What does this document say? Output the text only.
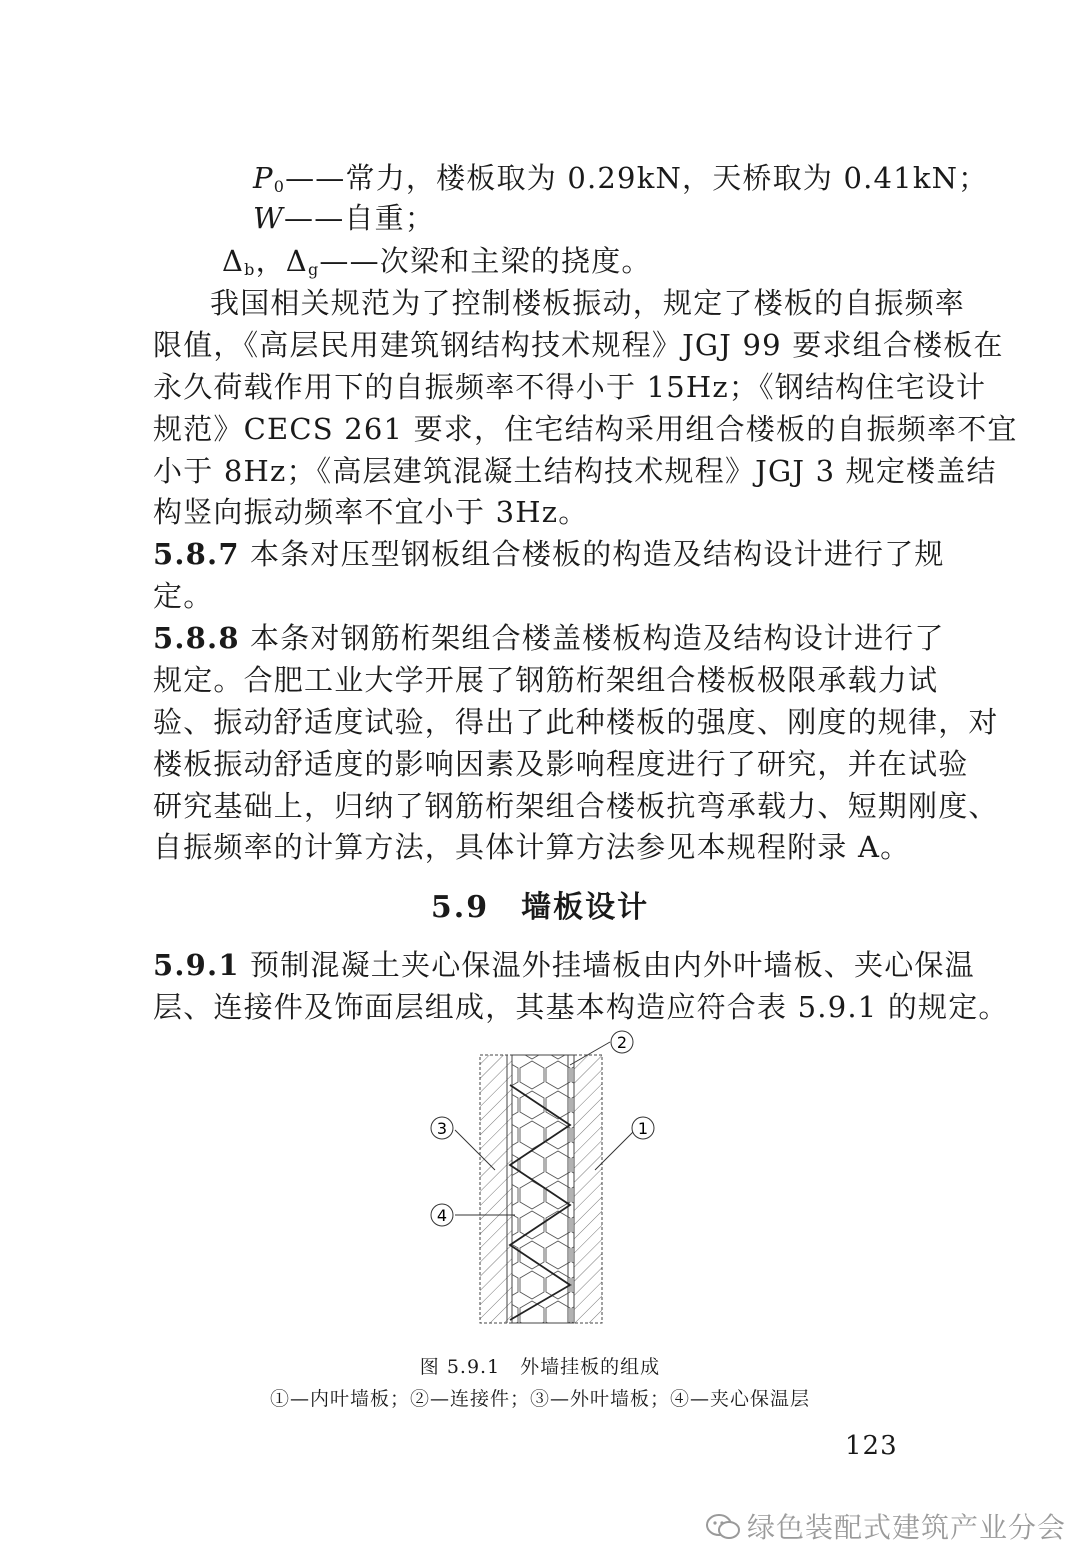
$P_0——$常力，楼板取为 0.29kN，天桥取为 0.41kN；
W——自重；
$\Delta_b$，$\Delta_g——$次梁和主梁的挠度。
我国相关规范为了控制楼板振动，规定了楼板的自振频率
限值，《高层民用建筑钢结构技术规程》JGJ 99 要求组合楼板在
永久荷载作用下的自振频率不得小于 15Hz；《钢结构住宅设计
规范》CECS 261 要求，住宅结构采用组合楼板的自振频率不宜
小于 8Hz；《高层建筑混凝土结构技术规程》JGJ 3 规定楼盖结
构竖向振动频率不宜小于 3Hz。
5.8.7 本条对压型钢板组合楼板的构造及结构设计进行了规
定。
5.8.8 本条对钢筋桁架组合楼盖楼板构造及结构设计进行了
规定。合肥工业大学开展了钢筋桁架组合楼板极限承载力试
验、振动舒适度试验，得出了此种楼板的强度、刚度的规律，对
楼板振动舒适度的影响因素及影响程度进行了研究，并在试验
研究基础上，归纳了钢筋桁架组合楼板抗弯承载力、短期刚度、
自振频率的计算方法，具体计算方法参见本规程附录 A。
5.9　墙板设计
5.9.1 预制混凝土夹心保温外挂墙板由内外叶墙板、夹心保温
层、连接件及饰面层组成，其基本构造应符合表 5.9.1 的规定。
2
1
3
4
图 5.9.1　外墙挂板的组成
①—内叶墙板；②—连接件；③—外叶墙板；④—夹心保温层
123
绿色装配式建筑产业分会
